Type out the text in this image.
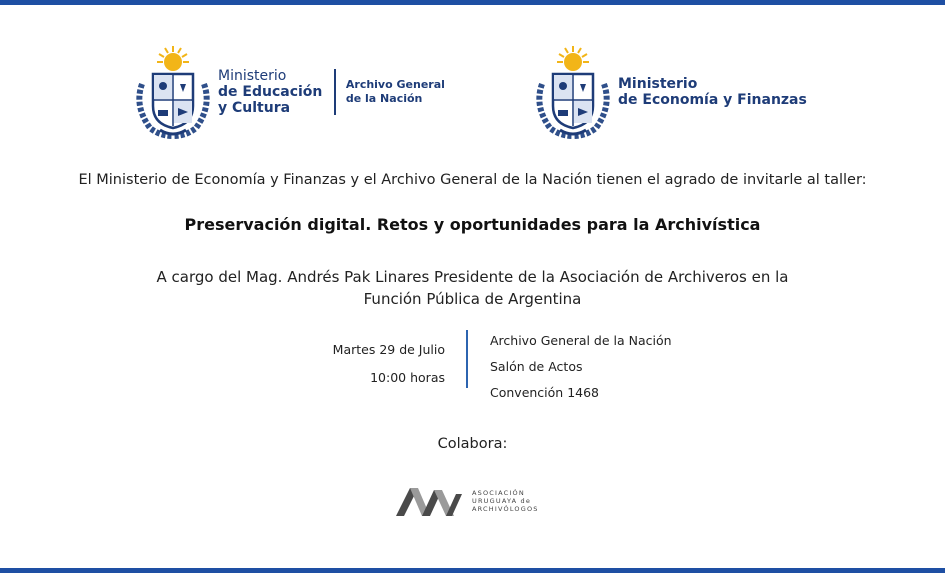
Ministerio
de Educación
y Cultura
Archivo General
de la Nación
Ministerio
de Economía y Finanzas
El Ministerio de Economía y Finanzas y el Archivo General de la Nación tienen el agrado de invitarle al taller:
Preservación digital. Retos y oportunidades para la Archivística
A cargo del Mag. Andrés Pak Linares Presidente de la Asociación de Archiveros en la
Función Pública de Argentina
Martes 29 de Julio
10:00 horas
Archivo General de la Nación
Salón de Actos
Convención 1468
Colabora:
ASOCIACIÓN
URUGUAYA de
ARCHIVÓLOGOS
